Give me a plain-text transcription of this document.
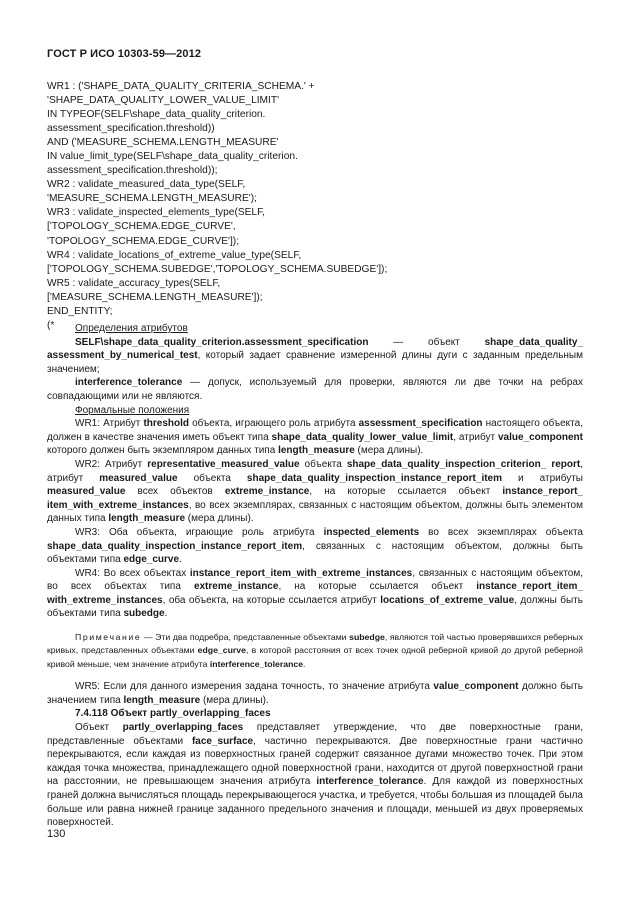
ГОСТ Р ИСО 10303-59—2012
WR1 : ('SHAPE_DATA_QUALITY_CRITERIA_SCHEMA.' +
'SHAPE_DATA_QUALITY_LOWER_VALUE_LIMIT'
IN TYPEOF(SELF\shape_data_quality_criterion.
assessment_specification.threshold))
AND ('MEASURE_SCHEMA.LENGTH_MEASURE'
IN value_limit_type(SELF\shape_data_quality_criterion.
assessment_specification.threshold));
WR2 : validate_measured_data_type(SELF,
'MEASURE_SCHEMA.LENGTH_MEASURE');
WR3 : validate_inspected_elements_type(SELF,
['TOPOLOGY_SCHEMA.EDGE_CURVE',
'TOPOLOGY_SCHEMA.EDGE_CURVE']);
WR4 : validate_locations_of_extreme_value_type(SELF,
['TOPOLOGY_SCHEMA.SUBEDGE','TOPOLOGY_SCHEMA.SUBEDGE']);
WR5 : validate_accuracy_types(SELF,
['MEASURE_SCHEMA.LENGTH_MEASURE']);
END_ENTITY;
(*	Определения атрибутов

SELF\shape_data_quality_criterion.assessment_specification — объект shape_data_quality_ assessment_by_numerical_test, который задает сравнение измеренной длины дуги с заданным предельным значением;

interference_tolerance — допуск, используемый для проверки, являются ли две точки на ребрах совпадающими или не являются.

Формальные положения

WR1: Атрибут threshold объекта, играющего роль атрибута assessment_specification настоящего объекта, должен в качестве значения иметь объект типа shape_data_quality_lower_value_limit, атрибут value_component которого должен быть экземпляром данных типа length_measure (мера длины).

WR2: Атрибут representative_measured_value объекта shape_data_quality_inspection_criterion_ report, атрибут measured_value объекта shape_data_quality_inspection_instance_report_item и атрибуты measured_value всех объектов extreme_instance, на которые ссылается объект instance_report_ item_with_extreme_instances, во всех экземплярах, связанных с настоящим объектом, должны быть элементом данных типа length_measure (мера длины).

WR3: Оба объекта, играющие роль атрибута inspected_elements во всех экземплярах объекта shape_data_quality_inspection_instance_report_item, связанных с настоящим объектом, должны быть объектами типа edge_curve.

WR4: Во всех объектах instance_report_item_with_extreme_instances, связанных с настоящим объектом, во всех объектах типа extreme_instance, на которые ссылается объект instance_report_item_ with_extreme_instances, оба объекта, на которые ссылается атрибут locations_of_extreme_value, должны быть объектами типа subedge.

Примечание — Эти два подребра, представленные объектами subedge, являются той частью проверявшихся реберных кривых, представленных объектами edge_curve, в которой расстояния от всех точек одной реберной кривой до другой реберной кривой меньше, чем значение атрибута interference_tolerance.

WR5: Если для данного измерения задана точность, то значение атрибута value_component должно быть значением типа length_measure (мера длины).

7.4.118 Объект partly_overlapping_faces

Объект partly_overlapping_faces представляет утверждение, что две поверхностные грани, представленные объектами face_surface, частично перекрываются. Две поверхностные грани частично перекрываются, если каждая из поверхностных граней содержит связанное дугами множество точек. При этом каждая точка множества, принадлежащего одной поверхностной грани, находится от другой поверхностной грани на расстоянии, не превышающем значения атрибута interference_tolerance. Для каждой из поверхностных граней должна вычисляться площадь перекрывающегося участка, и требуется, чтобы большая из площадей была больше или равна нижней границе заданного предельного значения и площади, меньшей из двух проверяемых поверхностей.

130
